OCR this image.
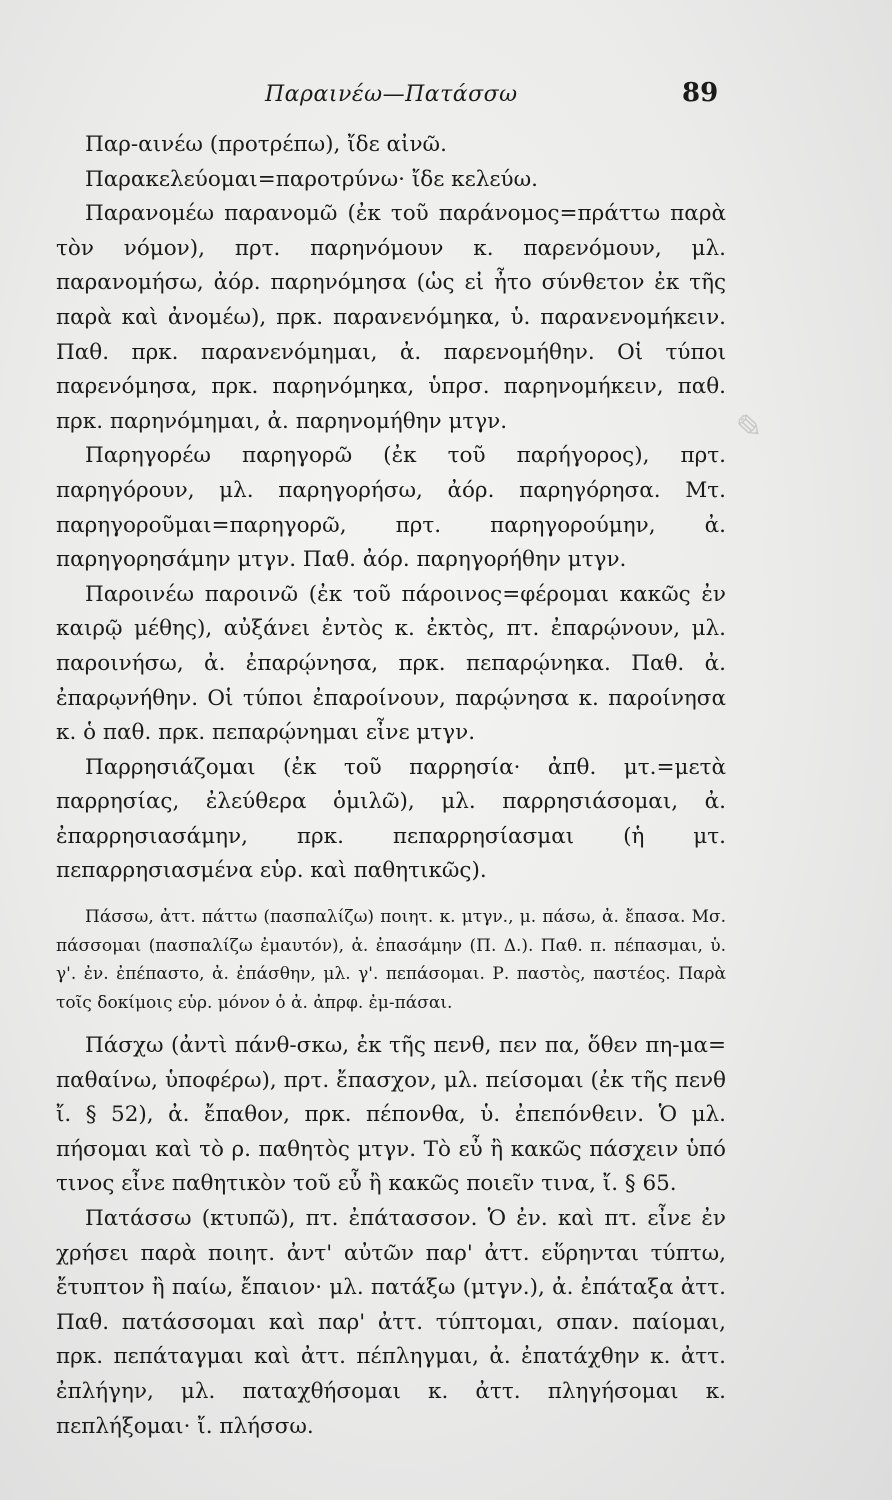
Παραινέω—Πατάσσω	89

Παρ-αινέω (προτρέπω), ἴδε αἰνῶ.

Παρακελεύομαι=παροτρύνω· ἴδε κελεύω.

Παρανομέω παρανομῶ (ἐκ τοῦ παράνομος=πράττω παρὰ τὸν νόμον), πρτ. παρηνόμουν κ. παρενόμουν, μλ. παρανομήσω, ἀόρ. παρηνόμησα (ὡς εἰ ἦτο σύνθετον ἐκ τῆς παρὰ καὶ ἀνομέω), πρκ. παρανενόμηκα, ὑ. παρανενομήκειν. Παθ. πρκ. παρανενόμημαι, ἀ. παρενομήθην. Οἱ τύποι παρενόμησα, πρκ. παρηνόμηκα, ὑπρσ. παρηνομήκειν, παθ. πρκ. παρηνόμημαι, ἀ. παρηνομήθην μτγν.

Παρηγορέω παρηγορῶ (ἐκ τοῦ παρήγορος), πρτ. παρηγόρουν, μλ. παρηγορήσω, ἀόρ. παρηγόρησα. Μτ. παρηγοροῦμαι=παρηγορῶ, πρτ. παρηγορούμην, ἀ. παρηγορησάμην μτγν. Παθ. ἀόρ. παρηγορήθην μτγν.

Παροινέω παροινῶ (ἐκ τοῦ πάροινος=φέρομαι κακῶς ἐν καιρῷ μέθης), αὐξάνει ἐντὸς κ. ἐκτὸς, πτ. ἐπαρῴνουν, μλ. παροινήσω, ἀ. ἐπαρῴνησα, πρκ. πεπαρῴνηκα. Παθ. ἀ. ἐπαρῳνήθην. Οἱ τύποι ἐπαροίνουν, παρῴνησα κ. παροίνησα κ. ὁ παθ. πρκ. πεπαρῴνημαι εἶνε μτγν.

Παρρησιάζομαι (ἐκ τοῦ παρρησία· ἀπθ. μτ.=μετὰ παρρησίας, ἐλεύθερα ὁμιλῶ), μλ. παρρησιάσομαι, ἀ. ἐπαρρησιασάμην, πρκ. πεπαρρησίασμαι (ἡ μτ. πεπαρρησιασμένα εὑρ. καὶ παθητικῶς).

Πάσσω, ἀττ. πάττω (πασπαλίζω) ποιητ. κ. μτγν., μ. πάσω, ἀ. ἔπασα. Μσ. πάσσομαι (πασπαλίζω ἐμαυτόν), ἀ. ἐπασάμην (Π. Δ.). Παθ. π. πέπασμαι, ὑ. γ'. ἐν. ἐπέπαστο, ἀ. ἐπάσθην, μλ. γ'. πεπάσομαι. Ρ. παστὸς, παστέος. Παρὰ τοῖς δοκίμοις εὑρ. μόνον ὁ ἀ. ἀπρφ. ἐμ-πάσαι.

Πάσχω (ἀντὶ πάνθ-σκω, ἐκ τῆς πενθ, πεν πα, ὅθεν πη-μα= παθαίνω, ὑποφέρω), πρτ. ἔπασχον, μλ. πείσομαι (ἐκ τῆς πενθ ἴ. § 52), ἀ. ἔπαθον, πρκ. πέπονθα, ὑ. ἐπεπόνθειν. Ὁ μλ. πήσομαι καὶ τὸ ρ. παθητὸς μτγν. Τὸ εὖ ἢ κακῶς πάσχειν ὑπό τινος εἶνε παθητικὸν τοῦ εὖ ἢ κακῶς ποιεῖν τινα, ἴ. § 65.

Πατάσσω (κτυπῶ), πτ. ἐπάτασσον. Ὁ ἐν. καὶ πτ. εἶνε ἐν χρήσει παρὰ ποιητ. ἀντ' αὐτῶν παρ' ἀττ. εὕρηνται τύπτω, ἔτυπτον ἢ παίω, ἔπαιον· μλ. πατάξω (μτγν.), ἀ. ἐπάταξα ἀττ. Παθ. πατάσσομαι καὶ παρ' ἀττ. τύπτομαι, σπαν. παίομαι, πρκ. πεπάταγμαι καὶ ἀττ. πέπληγμαι, ἀ. ἐπατάχθην κ. ἀττ. ἐπλήγην, μλ. παταχθήσομαι κ. ἀττ. πληγήσομαι κ. πεπλήξομαι· ἴ. πλήσσω.

✎
